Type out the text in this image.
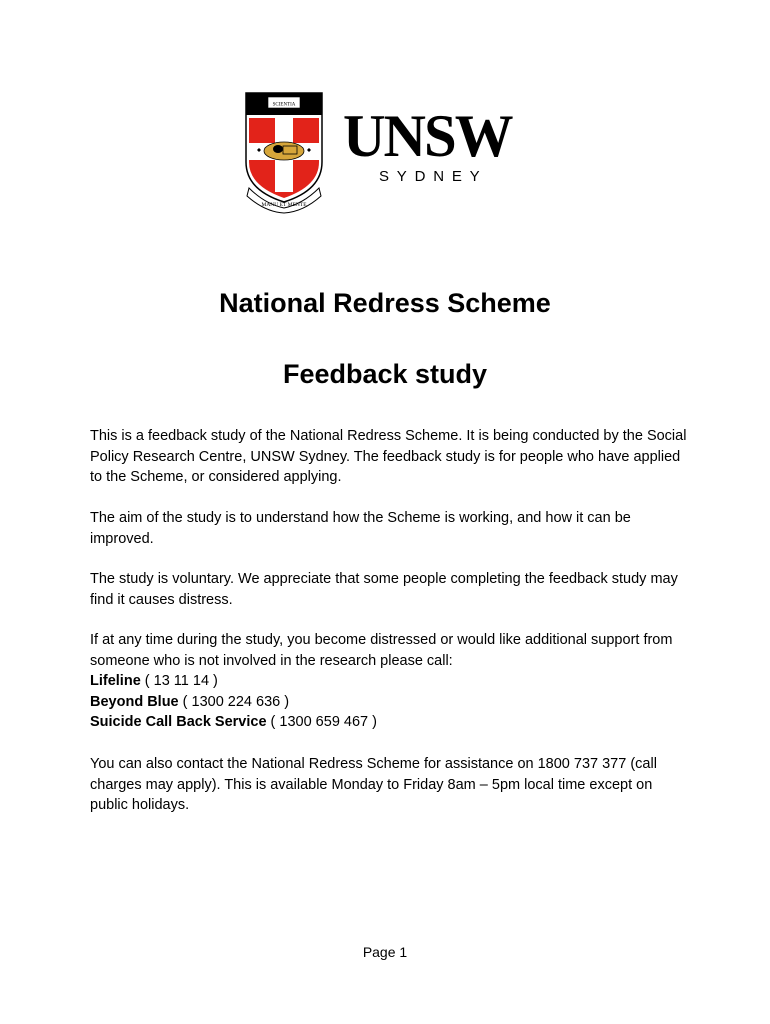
SCIENTIA
MANU ET MENTE
UNSW
SYDNEY
National Redress Scheme
Feedback study

This is a feedback study of the National Redress Scheme. It is being conducted by the Social Policy Research Centre, UNSW Sydney. The feedback study is for people who have applied to the Scheme, or considered applying.

The aim of the study is to understand how the Scheme is working, and how it can be improved.

The study is voluntary. We appreciate that some people completing the feedback study may find it causes distress.

If at any time during the study, you become distressed or would like additional support from someone who is not involved in the research please call:

Lifeline ( 13 11 14 )

Beyond Blue ( 1300 224 636 )

Suicide Call Back Service ( 1300 659 467 )

You can also contact the National Redress Scheme for assistance on 1800 737 377 (call charges may apply). This is available Monday to Friday 8am – 5pm local time except on public holidays.

Page 1
